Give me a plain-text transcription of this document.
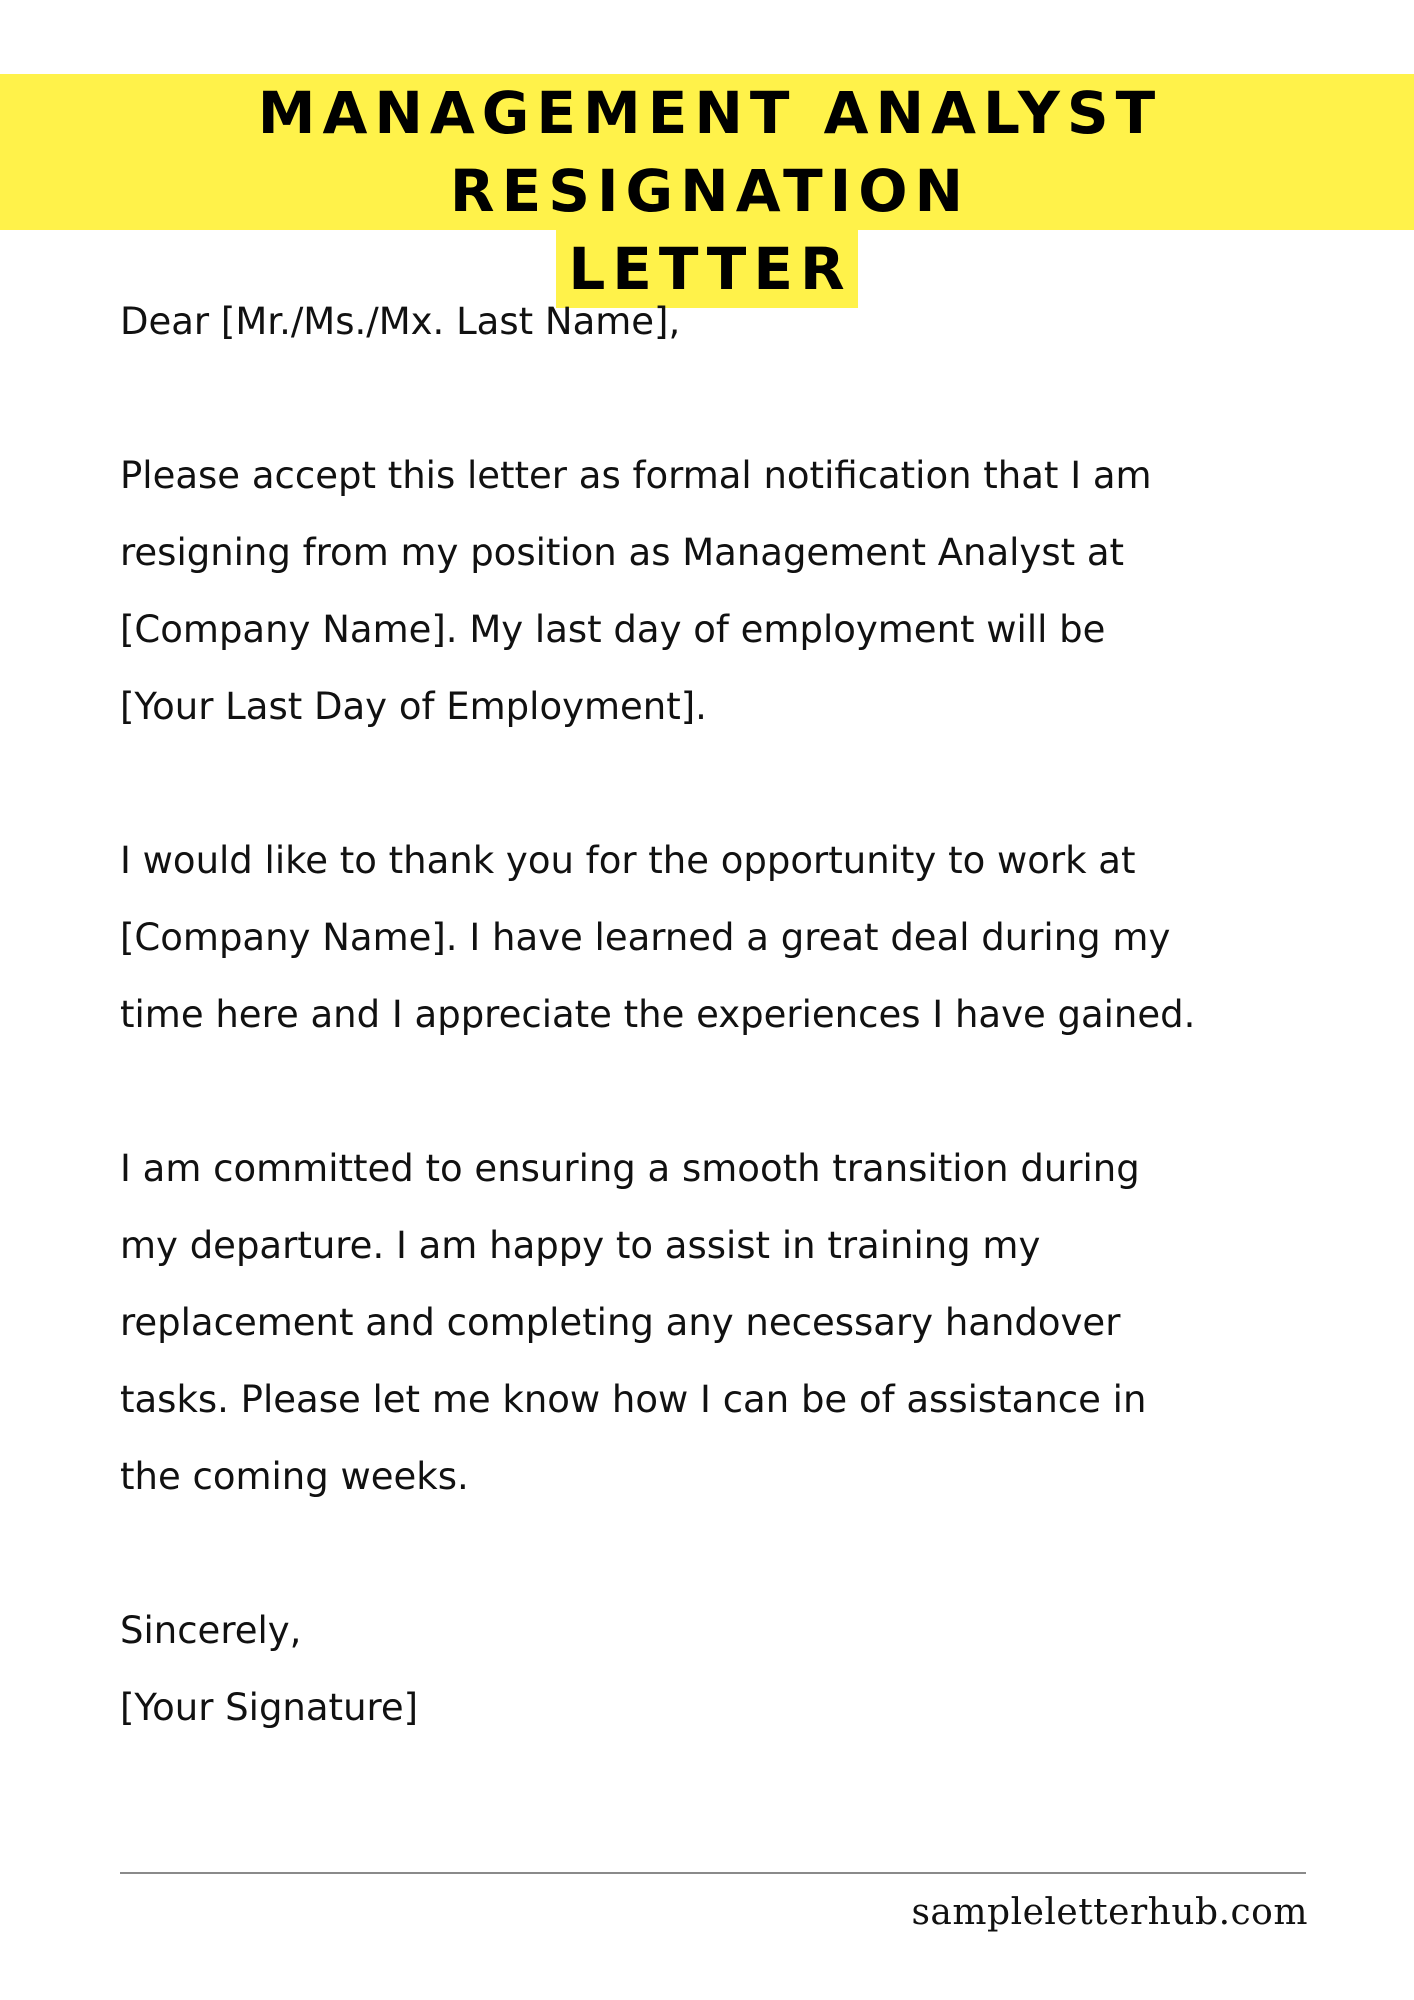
MANAGEMENT ANALYST RESIGNATION
LETTER

Dear [Mr./Ms./Mx. Last Name],

Please accept this letter as formal notification that I am

resigning from my position as Management Analyst at

[Company Name]. My last day of employment will be

[Your Last Day of Employment].

I would like to thank you for the opportunity to work at

[Company Name]. I have learned a great deal during my

time here and I appreciate the experiences I have gained.

I am committed to ensuring a smooth transition during

my departure. I am happy to assist in training my

replacement and completing any necessary handover

tasks. Please let me know how I can be of assistance in

the coming weeks.

Sincerely,

[Your Signature]

sampleletterhub.com
